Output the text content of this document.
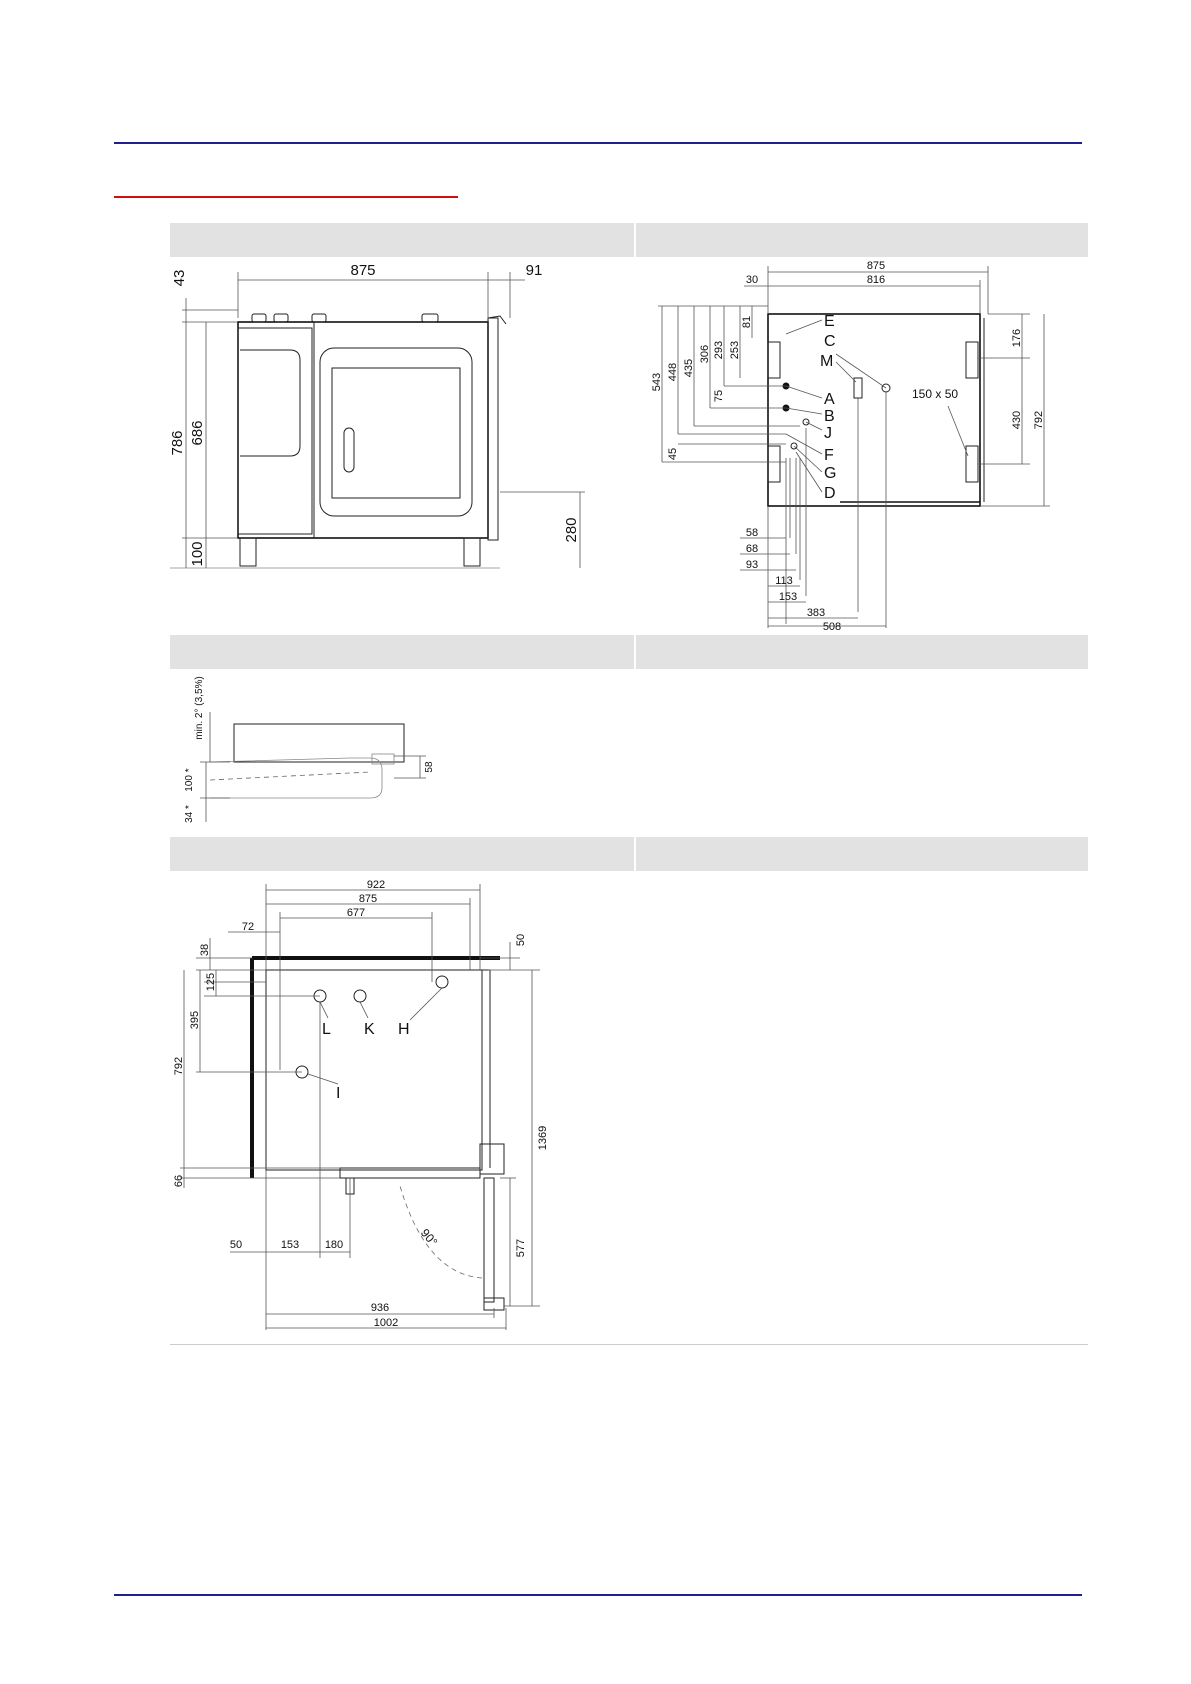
875	91
43
786 686
100
280
875
30	816
81
253
293
306
435
448
543
75
45
176
430 792
58
68
93
113
153
383
508
E
C
M
A
B
J
F
G
D
150 x 50
min. 2° (3,5%)
100 *
34 *
58
922
875
677
72
38
50
125
395
792
66
50	153 180
1369
577
936
1002
L K H
I
90°
